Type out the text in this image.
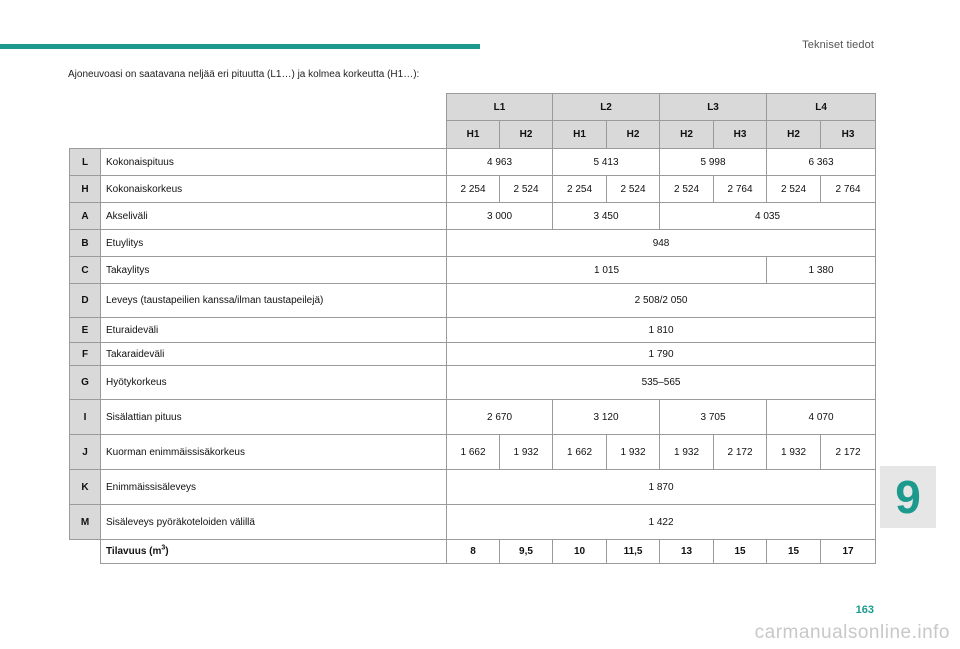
Tekniset tiedot
Ajoneuvoasi on saatavana neljää eri pituutta (L1…) ja kolmea korkeutta (H1…):
		L1		L2		L3		L4	
		H1	H2	H1	H2	H2	H3	H2	H3
L	Kokonaispituus	4 963		5 413		5 998		6 363	
H	Kokonaiskorkeus	2 254	2 524	2 254	2 524	2 524	2 764	2 524	2 764
A	Akseliväli	3 000		3 450		4 035			
B	Etuylitys	948							
C	Takaylitys	1 015						1 380	
D	Leveys (taustapeilien kanssa/ilman taustapeilejä)	2 508/2 050							
E	Eturaideväli	1 810							
F	Takaraideväli	1 790							
G	Hyötykorkeus	535–565							
I	Sisälattian pituus	2 670		3 120		3 705		4 070	
J	Kuorman enimmäissisäkorkeus	1 662	1 932	1 662	1 932	1 932	2 172	1 932	2 172
K	Enimmäissisäleveys	1 870							
M	Sisäleveys pyöräkoteloiden välillä	1 422							
	Tilavuus $(m^3)$	8	9,5	10	11,5	13	15	15	17
9
163
carmanualsonline.info
